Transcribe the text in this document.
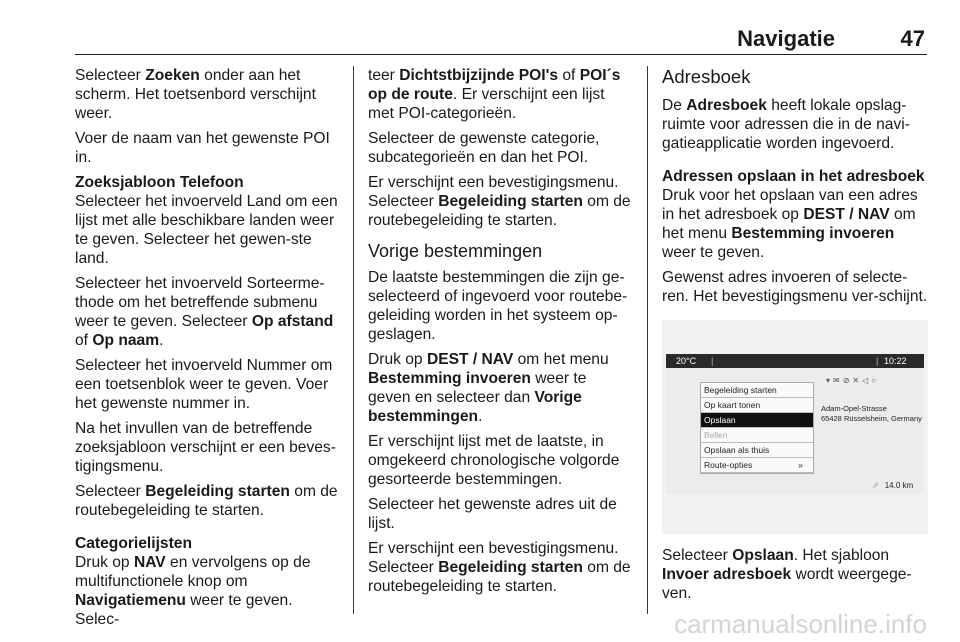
Navigatie	47

Selecteer Zoeken onder aan het scherm. Het toetsenbord verschijnt weer.

Voer de naam van het gewenste POI in.

Zoeksjabloon Telefoon

Selecteer het invoerveld Land om een lijst met alle beschikbare landen weer te geven. Selecteer het gewen-ste land.

Selecteer het invoerveld Sorteerme-thode om het betreffende submenu weer te geven. Selecteer Op afstand of Op naam.

Selecteer het invoerveld Nummer om een toetsenblok weer te geven. Voer het gewenste nummer in.

Na het invullen van de betreffende zoeksjabloon verschijnt er een beves-tigingsmenu.

Selecteer Begeleiding starten om de routebegeleiding te starten.

Categorielijsten

Druk op NAV en vervolgens op de multifunctionele knop om Navigatiemenu weer te geven. Selec-

teer Dichtstbijzijnde POI's of POI´s op de route. Er verschijnt een lijst met POI-categorieën.

Selecteer de gewenste categorie, subcategorieën en dan het POI.

Er verschijnt een bevestigingsmenu. Selecteer Begeleiding starten om de routebegeleiding te starten.

Vorige bestemmingen

De laatste bestemmingen die zijn ge-selecteerd of ingevoerd voor routebe-geleiding worden in het systeem op-geslagen.

Druk op DEST / NAV om het menu Bestemming invoeren weer te geven en selecteer dan Vorige bestemmingen.

Er verschijnt lijst met de laatste, in omgekeerd chronologische volgorde gesorteerde bestemmingen.

Selecteer het gewenste adres uit de lijst.

Er verschijnt een bevestigingsmenu. Selecteer Begeleiding starten om de routebegeleiding te starten.

Adresboek

De Adresboek heeft lokale opslag-ruimte voor adressen die in de navi-gatieapplicatie worden ingevoerd.

Adressen opslaan in het adresboek

Druk voor het opslaan van een adres in het adresboek op DEST / NAV om het menu Bestemming invoeren weer te geven.

Gewenst adres invoeren of selecte-ren. Het bevestigingsmenu ver-schijnt.

20°C |	| 10:22
▾✉⊘✕◁○
Begeleiding starten
Op kaart tonen
Opslaan
Bellen
Opslaan als thuis
Route-opties	»
Adam-Opel-Strasse
65428 Rüsselsheim, Germany
⇗ 14.0 km

Selecteer Opslaan. Het sjabloon Invoer adresboek wordt weergege-ven.

carmanualsonline.info
